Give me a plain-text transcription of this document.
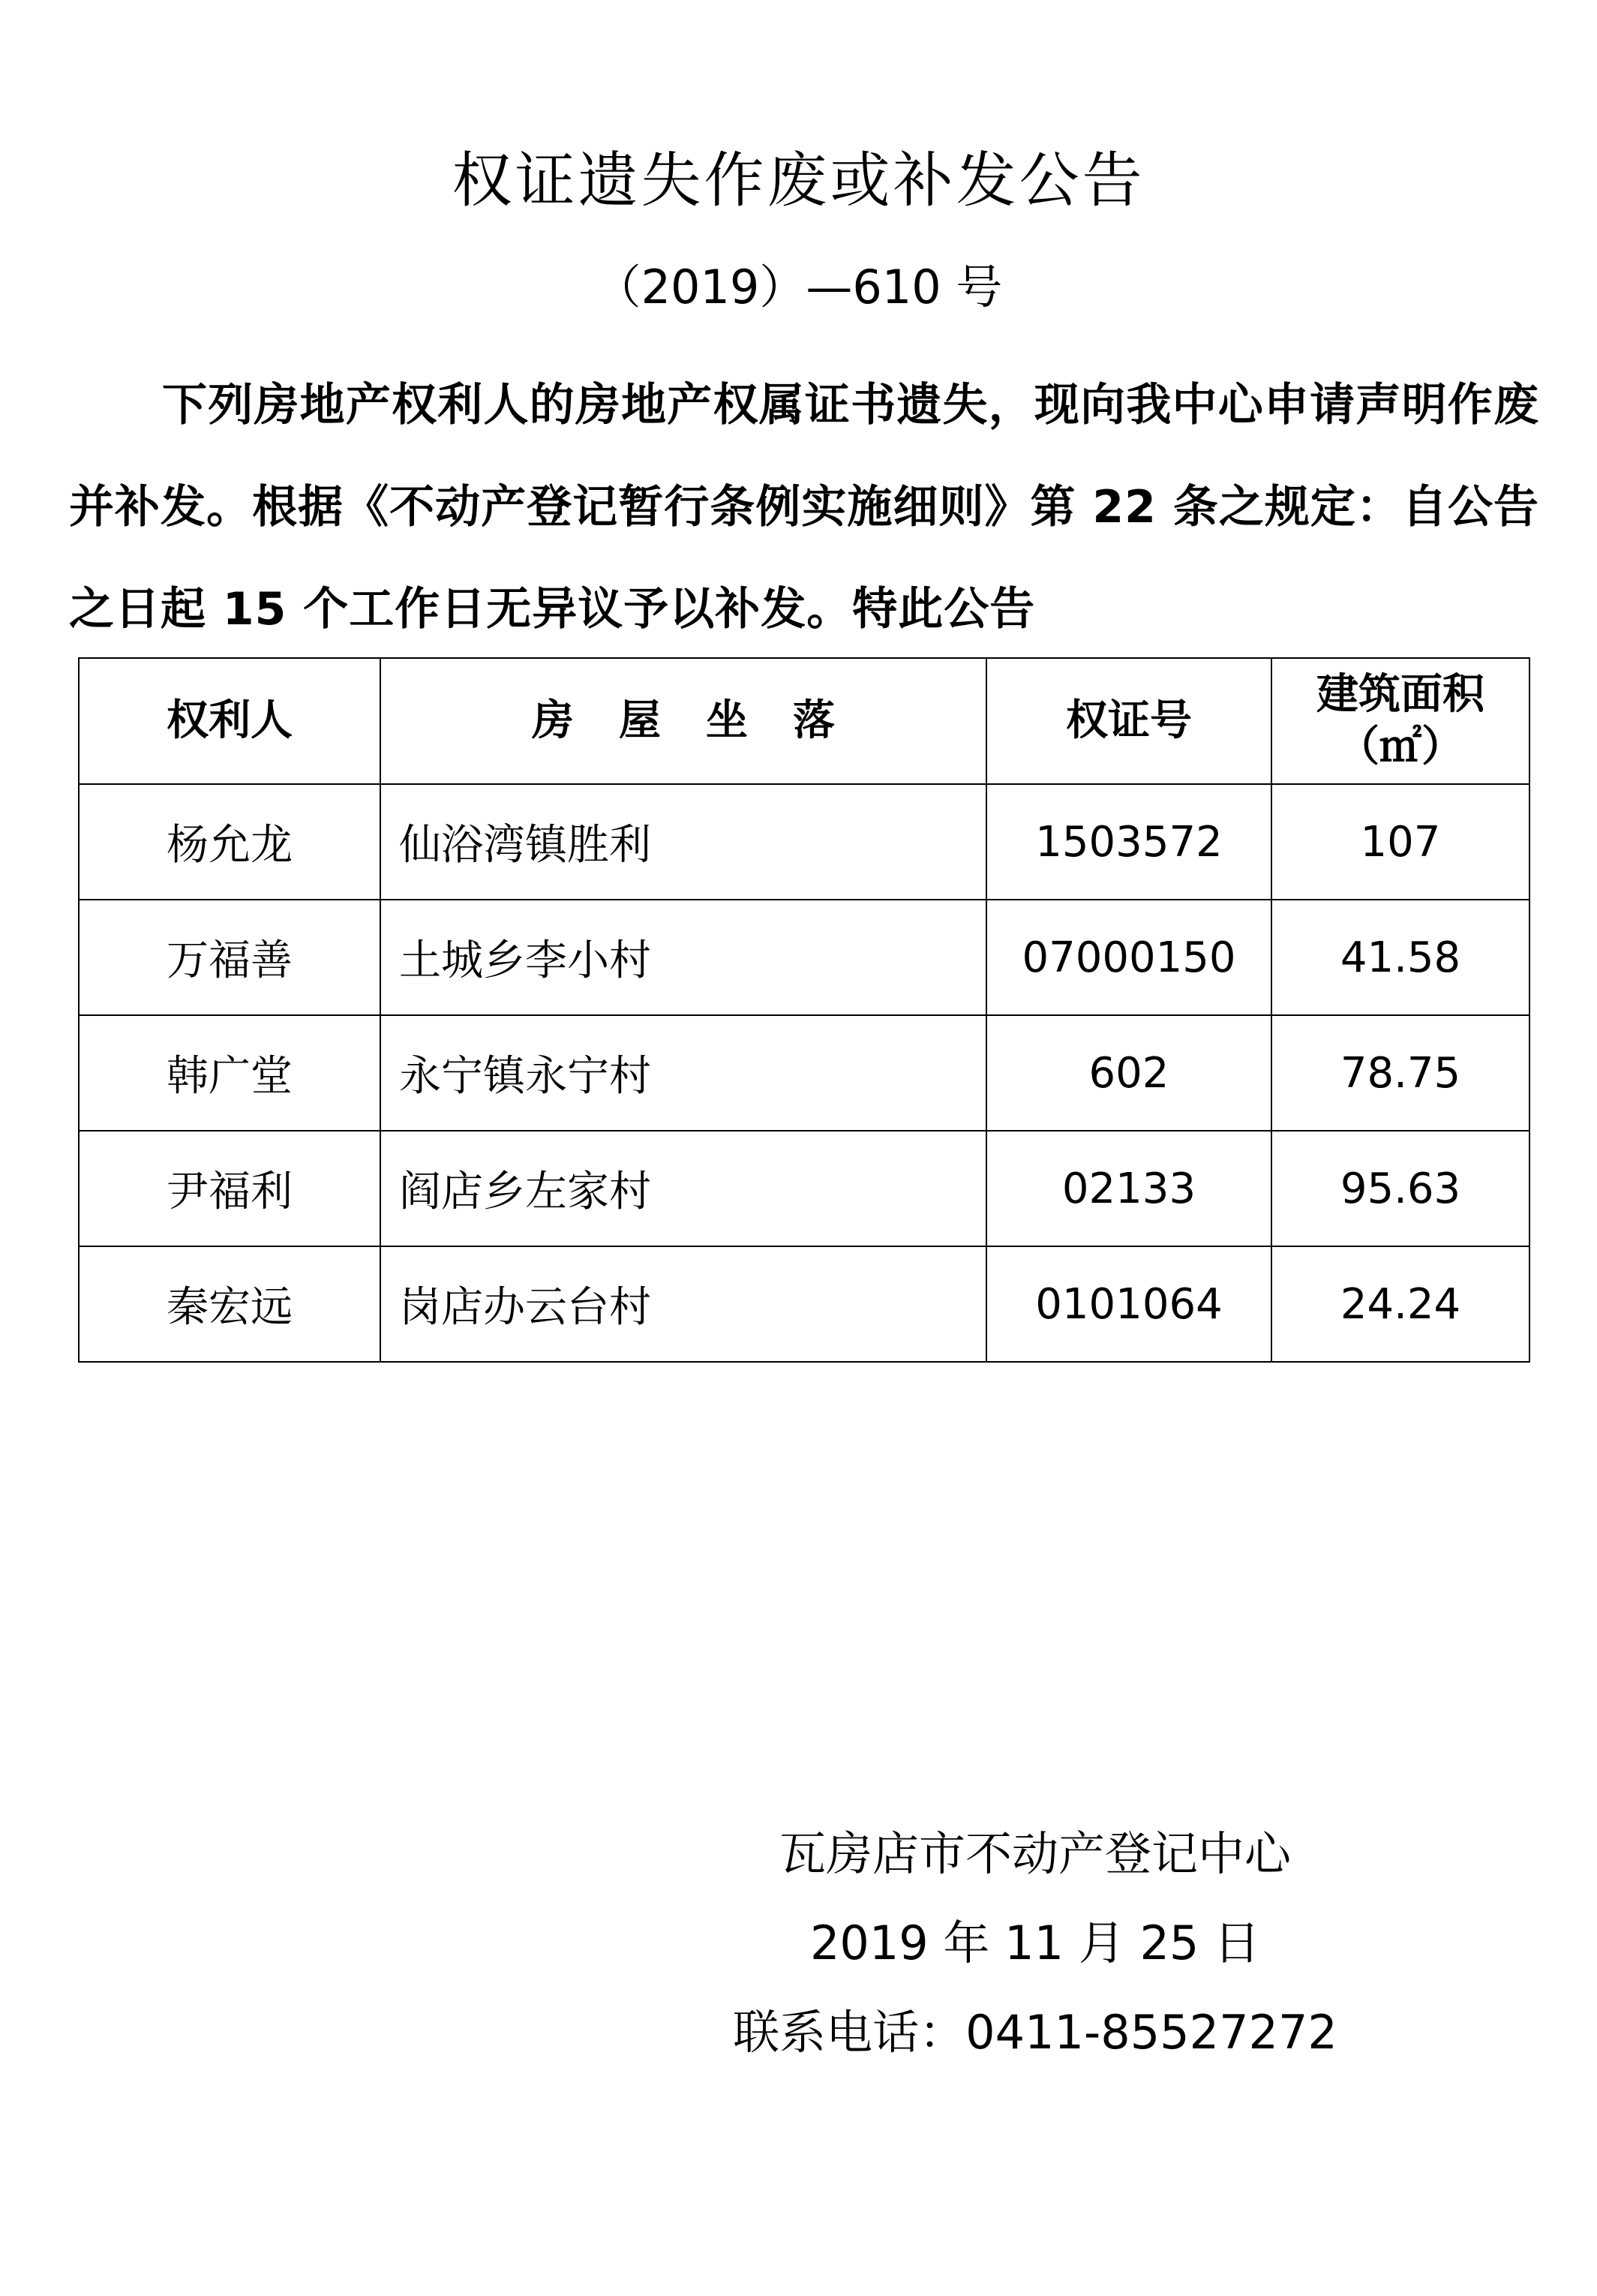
权证遗失作废或补发公告
（2019）—610 号
下列房地产权利人的房地产权属证书遗失，现向我中心申请声明作废并补发。根据《不动产登记暂行条例实施细则》第 22 条之规定：自公告之日起 15 个工作日无异议予以补发。特此公告
权利人	房屋坐落	权证号	建筑面积
（㎡）

杨允龙	仙浴湾镇胜利	1503572	107
万福善	土城乡李小村	07000150	41.58
韩广堂	永宁镇永宁村	602	78.75
尹福利	阎店乡左家村	02133	95.63
秦宏远	岗店办云台村	0101064	24.24
瓦房店市不动产登记中心
2019 年 11 月 25 日
联系电话：0411-85527272
